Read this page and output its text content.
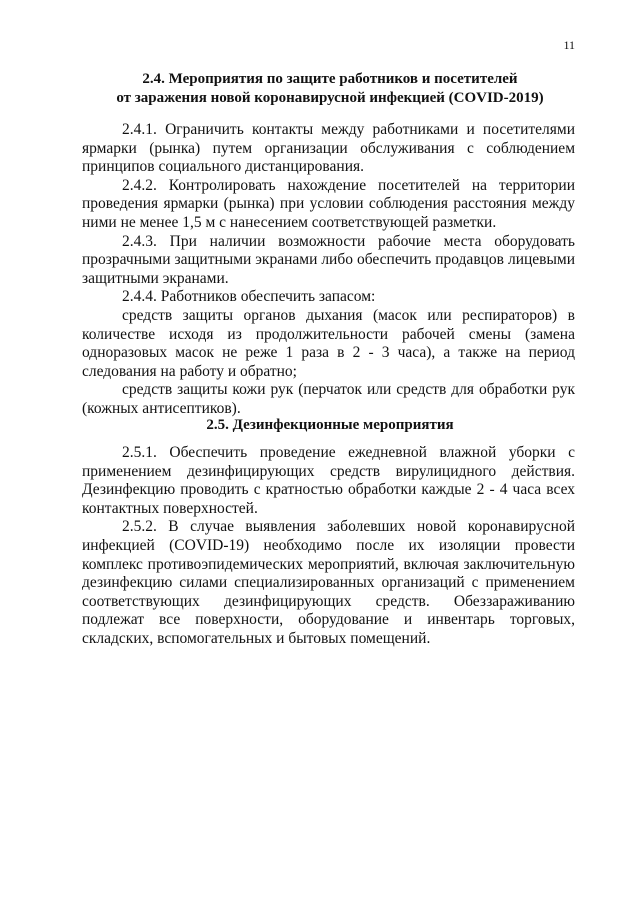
11
2.4. Мероприятия по защите работников и посетителей
от заражения новой коронавирусной инфекцией (COVID-2019)

2.4.1. Ограничить контакты между работниками и посетителями ярмарки (рынка) путем организации обслуживания с соблюдением принципов социального дистанцирования.

2.4.2. Контролировать нахождение посетителей на территории проведения ярмарки (рынка) при условии соблюдения расстояния между ними не менее 1,5 м с нанесением соответствующей разметки.

2.4.3. При наличии возможности рабочие места оборудовать прозрачными защитными экранами либо обеспечить продавцов лицевыми защитными экранами.

2.4.4. Работников обеспечить запасом:

средств защиты органов дыхания (масок или респираторов) в количестве исходя из продолжительности рабочей смены (замена одноразовых масок не реже 1 раза в 2 - 3 часа), а также на период следования на работу и обратно;

средств защиты кожи рук (перчаток или средств для обработки рук (кожных антисептиков).

2.5. Дезинфекционные мероприятия

2.5.1. Обеспечить проведение ежедневной влажной уборки с применением дезинфицирующих средств вирулицидного действия. Дезинфекцию проводить с кратностью обработки каждые 2 - 4 часа всех контактных поверхностей.

2.5.2. В случае выявления заболевших новой коронавирусной инфекцией (COVID-19) необходимо после их изоляции провести комплекс противоэпидемических мероприятий, включая заключительную дезинфекцию силами специализированных организаций с применением соответствующих дезинфицирующих средств. Обеззараживанию подлежат все поверхности, оборудование и инвентарь торговых, складских, вспомогательных и бытовых помещений.
